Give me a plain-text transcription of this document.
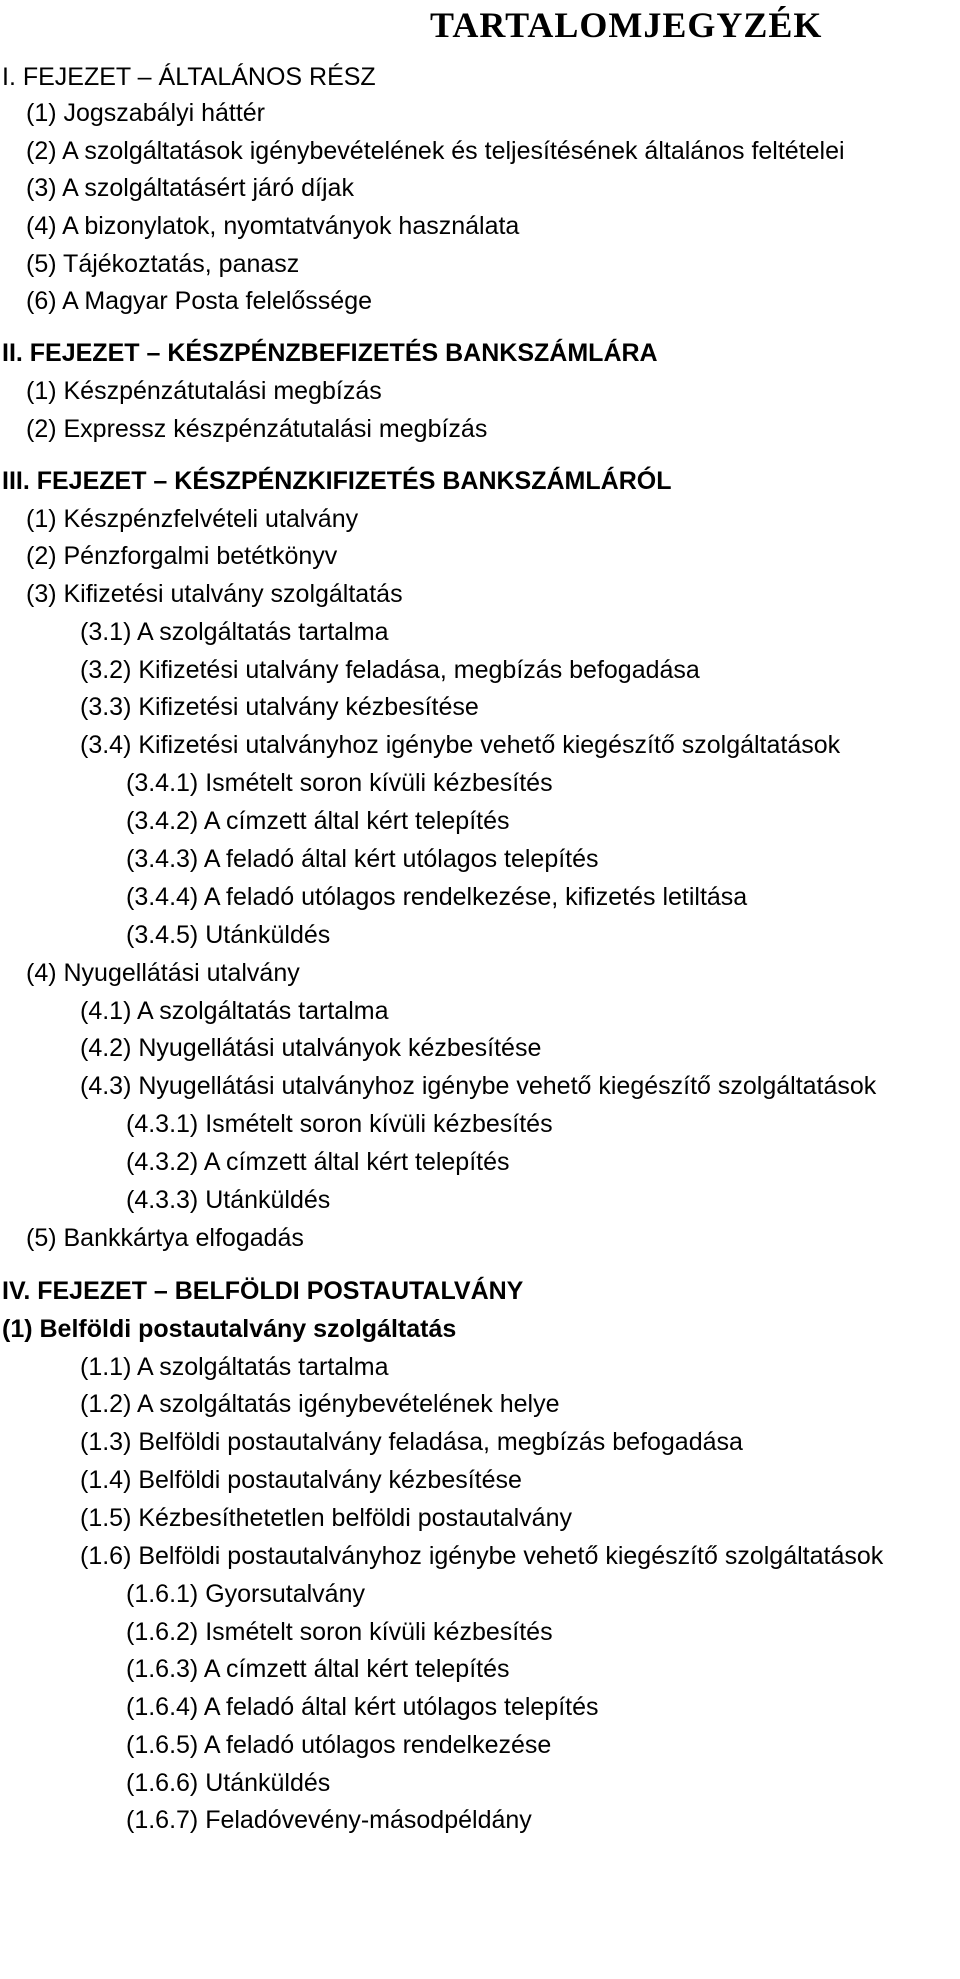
TARTALOMJEGYZÉK
I. FEJEZET – ÁLTALÁNOS RÉSZ
(1) Jogszabályi háttér
(2) A szolgáltatások igénybevételének és teljesítésének általános feltételei
(3) A szolgáltatásért járó díjak
(4) A bizonylatok, nyomtatványok használata
(5) Tájékoztatás, panasz
(6) A Magyar Posta felelőssége
II. FEJEZET – KÉSZPÉNZBEFIZETÉS BANKSZÁMLÁRA
(1) Készpénzátutalási megbízás
(2) Expressz készpénzátutalási megbízás
III. FEJEZET – KÉSZPÉNZKIFIZETÉS BANKSZÁMLÁRÓL
(1) Készpénzfelvételi utalvány
(2) Pénzforgalmi betétkönyv
(3) Kifizetési utalvány szolgáltatás
(3.1) A szolgáltatás tartalma
(3.2) Kifizetési utalvány feladása, megbízás befogadása
(3.3) Kifizetési utalvány kézbesítése
(3.4) Kifizetési utalványhoz igénybe vehető kiegészítő szolgáltatások
(3.4.1) Ismételt soron kívüli kézbesítés
(3.4.2) A címzett által kért telepítés
(3.4.3) A feladó által kért utólagos telepítés
(3.4.4) A feladó utólagos rendelkezése, kifizetés letiltása
(3.4.5) Utánküldés
(4) Nyugellátási utalvány
(4.1) A szolgáltatás tartalma
(4.2) Nyugellátási utalványok kézbesítése
(4.3) Nyugellátási utalványhoz igénybe vehető kiegészítő szolgáltatások
(4.3.1) Ismételt soron kívüli kézbesítés
(4.3.2) A címzett által kért telepítés
(4.3.3) Utánküldés
(5) Bankkártya elfogadás
IV. FEJEZET – BELFÖLDI POSTAUTALVÁNY
(1) Belföldi postautalvány szolgáltatás
(1.1) A szolgáltatás tartalma
(1.2) A szolgáltatás igénybevételének helye
(1.3) Belföldi postautalvány feladása, megbízás befogadása
(1.4) Belföldi postautalvány kézbesítése
(1.5) Kézbesíthetetlen belföldi postautalvány
(1.6) Belföldi postautalványhoz igénybe vehető kiegészítő szolgáltatások
(1.6.1) Gyorsutalvány
(1.6.2) Ismételt soron kívüli kézbesítés
(1.6.3) A címzett által kért telepítés
(1.6.4) A feladó által kért utólagos telepítés
(1.6.5) A feladó utólagos rendelkezése
(1.6.6) Utánküldés
(1.6.7) Feladóvevény-másodpéldány
